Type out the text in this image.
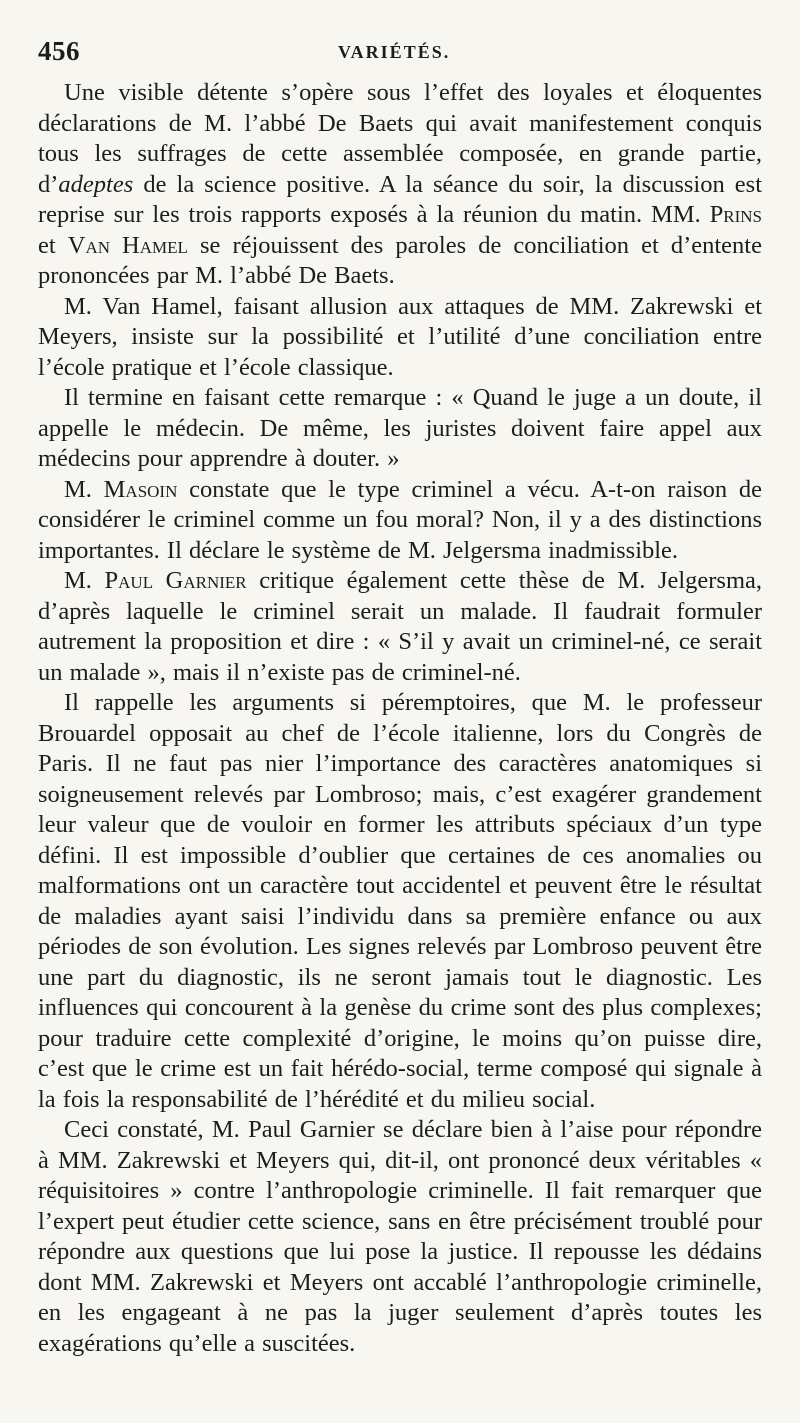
456	VARIÉTÉS.

Une visible détente s’opère sous l’effet des loyales et éloquentes déclarations de M. l’abbé De Baets qui avait manifestement conquis tous les suffrages de cette assemblée composée, en grande partie, d’adeptes de la science positive. A la séance du soir, la discussion est reprise sur les trois rapports exposés à la réunion du matin. MM. Prins et Van Hamel se réjouissent des paroles de conciliation et d’entente prononcées par M. l’abbé De Baets.

M. Van Hamel, faisant allusion aux attaques de MM. Zakrewski et Meyers, insiste sur la possibilité et l’utilité d’une conciliation entre l’école pratique et l’école classique.

Il termine en faisant cette remarque : « Quand le juge a un doute, il appelle le médecin. De même, les juristes doivent faire appel aux médecins pour apprendre à douter. »

M. Masoin constate que le type criminel a vécu. A-t-on raison de considérer le criminel comme un fou moral? Non, il y a des distinctions importantes. Il déclare le système de M. Jelgersma inadmissible.

M. Paul Garnier critique également cette thèse de M. Jelgersma, d’après laquelle le criminel serait un malade. Il faudrait formuler autrement la proposition et dire : « S’il y avait un criminel-né, ce serait un malade », mais il n’existe pas de criminel-né.

Il rappelle les arguments si péremptoires, que M. le professeur Brouardel opposait au chef de l’école italienne, lors du Congrès de Paris. Il ne faut pas nier l’importance des caractères anatomiques si soigneusement relevés par Lombroso; mais, c’est exagérer grandement leur valeur que de vouloir en former les attributs spéciaux d’un type défini. Il est impossible d’oublier que certaines de ces anomalies ou malformations ont un caractère tout accidentel et peuvent être le résultat de maladies ayant saisi l’individu dans sa première enfance ou aux périodes de son évolution. Les signes relevés par Lombroso peuvent être une part du diagnostic, ils ne seront jamais tout le diagnostic. Les influences qui concourent à la genèse du crime sont des plus complexes; pour traduire cette complexité d’origine, le moins qu’on puisse dire, c’est que le crime est un fait hérédo-social, terme composé qui signale à la fois la responsabilité de l’hérédité et du milieu social.

Ceci constaté, M. Paul Garnier se déclare bien à l’aise pour répondre à MM. Zakrewski et Meyers qui, dit-il, ont prononcé deux véritables « réquisitoires » contre l’anthropologie criminelle. Il fait remarquer que l’expert peut étudier cette science, sans en être précisément troublé pour répondre aux questions que lui pose la justice. Il repousse les dédains dont MM. Zakrewski et Meyers ont accablé l’anthropologie criminelle, en les engageant à ne pas la juger seulement d’après toutes les exagérations qu’elle a suscitées.
